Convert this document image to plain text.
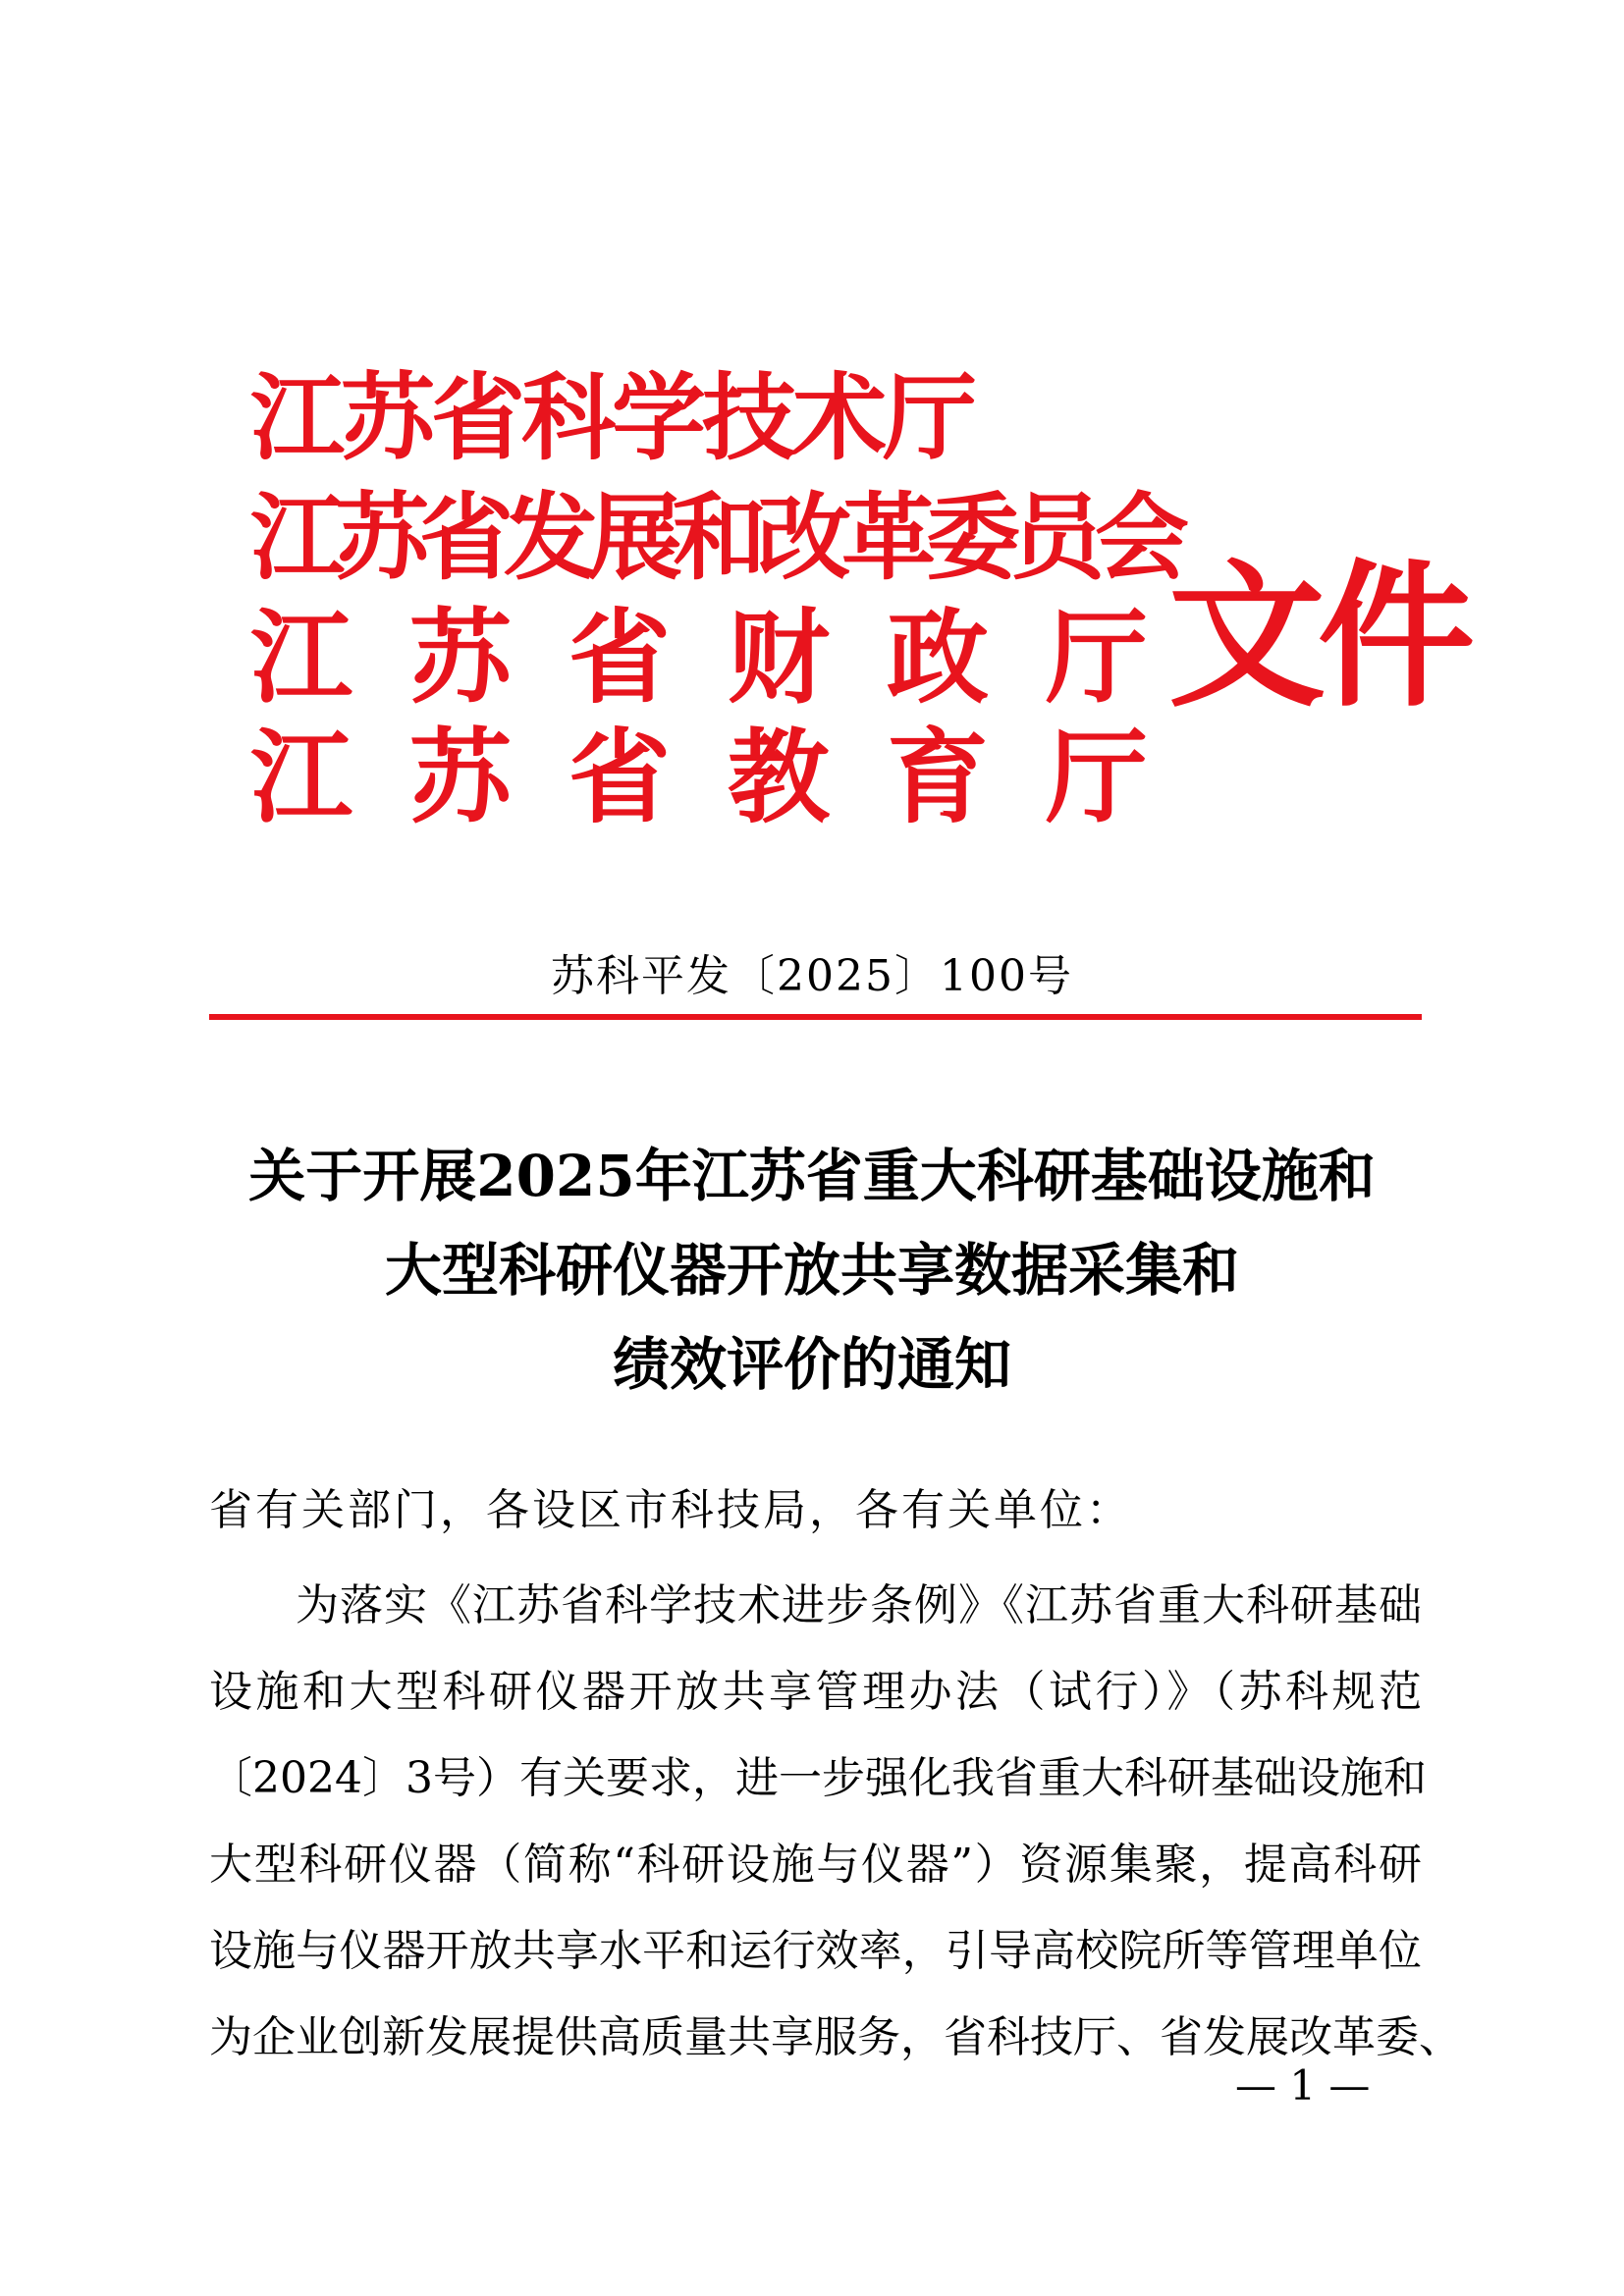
江苏省科学技术厅
江苏省发展和改革委员会
江苏省财政厅
江苏省教育厅
文件
苏科平发〔2025〕100号
关于开展2025年江苏省重大科研基础设施和
大型科研仪器开放共享数据采集和
绩效评价的通知
省有关部门，各设区市科技局，各有关单位：
为落实《江苏省科学技术进步条例》《江苏省重大科研基础
设施和大型科研仪器开放共享管理办法（试行）》（苏科规范
〔2024〕3号）有关要求，进一步强化我省重大科研基础设施和
大型科研仪器（简称“科研设施与仪器”）资源集聚，提高科研
设施与仪器开放共享水平和运行效率，引导高校院所等管理单位
为企业创新发展提供高质量共享服务，省科技厅、省发展改革委、
— 1 —
